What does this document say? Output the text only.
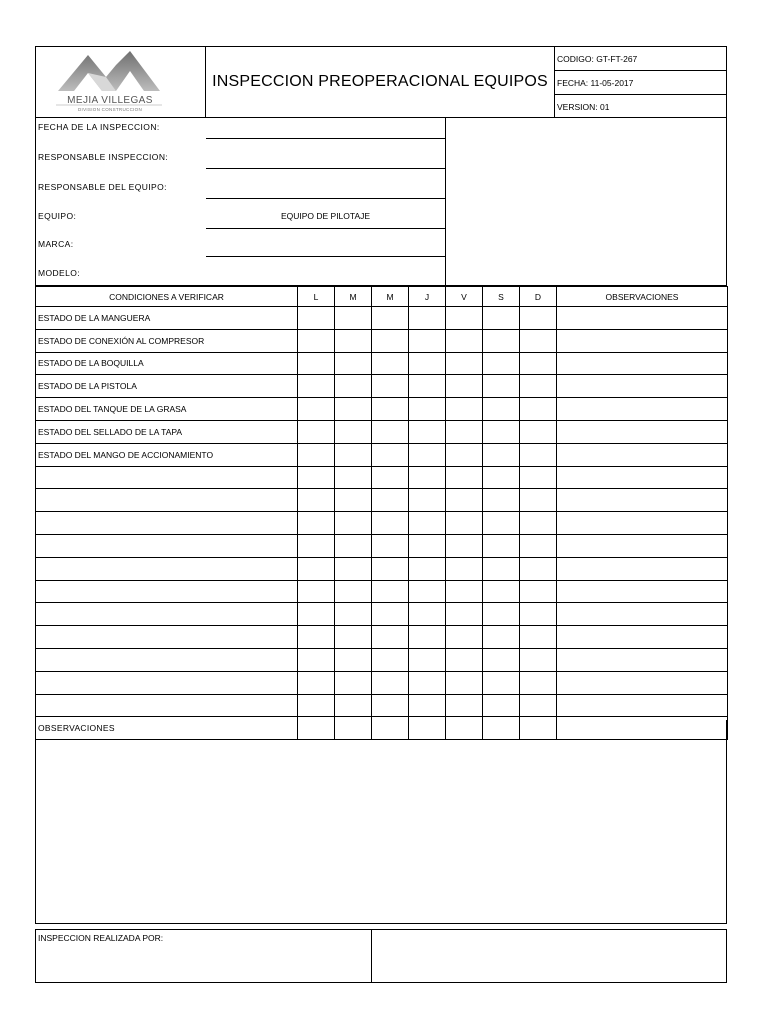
MEJIA VILLEGAS
DIVISION CONSTRUCCION
INSPECCION PREOPERACIONAL EQUIPOS
CODIGO: GT-FT-267
FECHA: 11-05-2017
VERSION: 01
FECHA DE LA INSPECCION:
RESPONSABLE INSPECCION:
RESPONSABLE DEL EQUIPO:
EQUIPO:	EQUIPO DE PILOTAJE
MARCA:
MODELO:
CONDICIONES A VERIFICAR	L	M	M	J	V	S	D	OBSERVACIONES
ESTADO DE LA MANGUERA								
ESTADO DE CONEXIÓN AL COMPRESOR								
ESTADO DE LA BOQUILLA								
ESTADO DE LA PISTOLA								
ESTADO DEL TANQUE DE LA GRASA								
ESTADO DEL SELLADO DE LA TAPA								
ESTADO DEL MANGO DE ACCIONAMIENTO								

OBSERVACIONES
INSPECCION REALIZADA POR:
